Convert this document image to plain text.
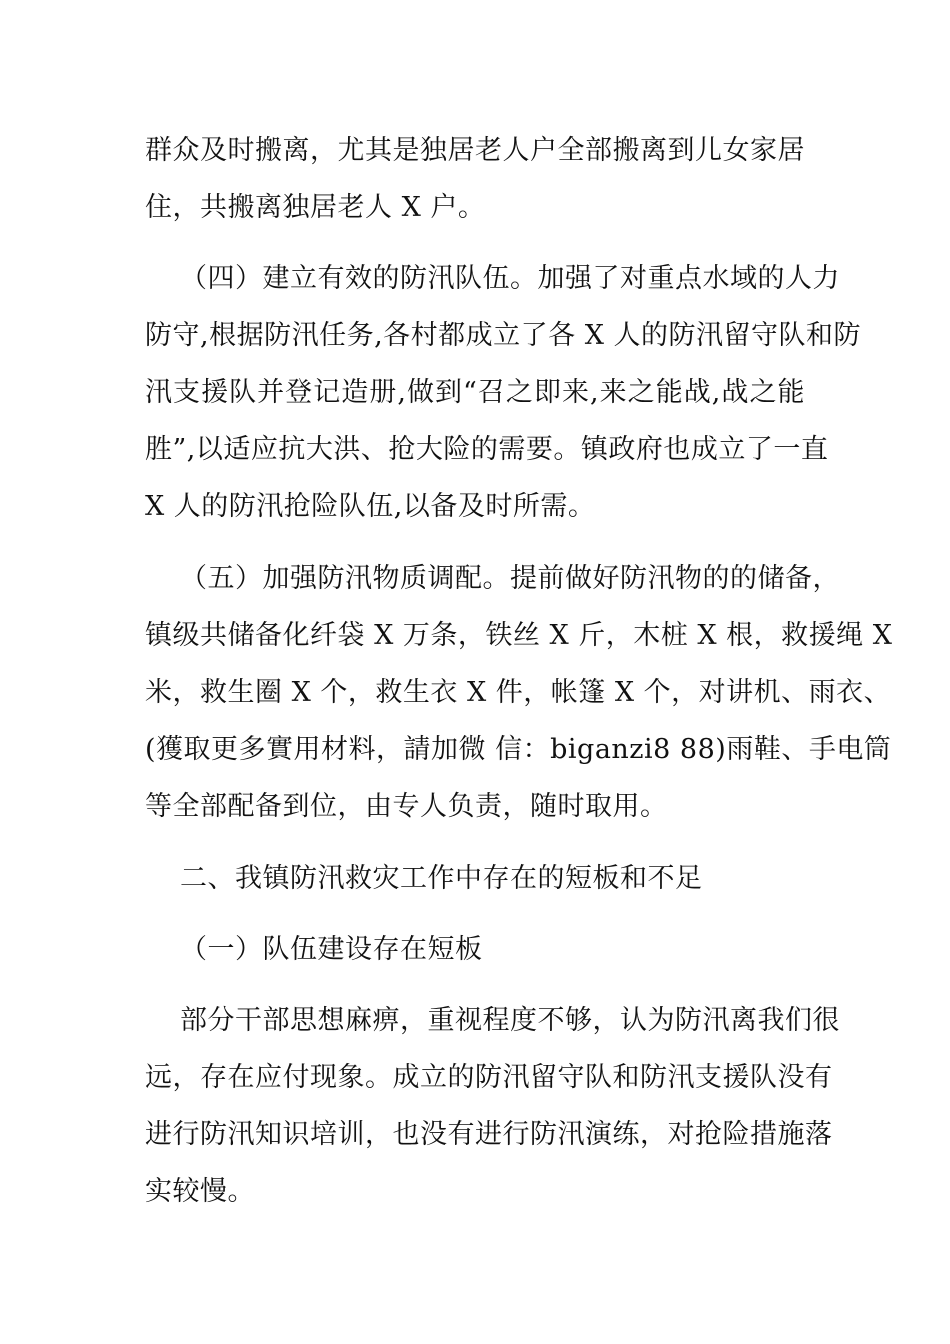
群众及时搬离，尤其是独居老人户全部搬离到儿女家居
住，共搬离独居老人 X 户。
（四）建立有效的防汛队伍。加强了对重点水域的人力
防守,根据防汛任务,各村都成立了各 X 人的防汛留守队和防
汛支援队并登记造册,做到“召之即来,来之能战,战之能
胜”,以适应抗大洪、抢大险的需要。镇政府也成立了一直
X 人的防汛抢险队伍,以备及时所需。
（五）加强防汛物质调配。提前做好防汛物的的储备，
镇级共储备化纤袋 X 万条，铁丝 X 斤，木桩 X 根，救援绳 X
米，救生圈 X 个，救生衣 X 件，帐篷 X 个，对讲机、雨衣、
(獲取更多實用材料，請加微 信：biganzi8 88)雨鞋、手电筒
等全部配备到位，由专人负责，随时取用。
二、我镇防汛救灾工作中存在的短板和不足
（一）队伍建设存在短板
部分干部思想麻痹，重视程度不够，认为防汛离我们很
远，存在应付现象。成立的防汛留守队和防汛支援队没有
进行防汛知识培训，也没有进行防汛演练，对抢险措施落
实较慢。
